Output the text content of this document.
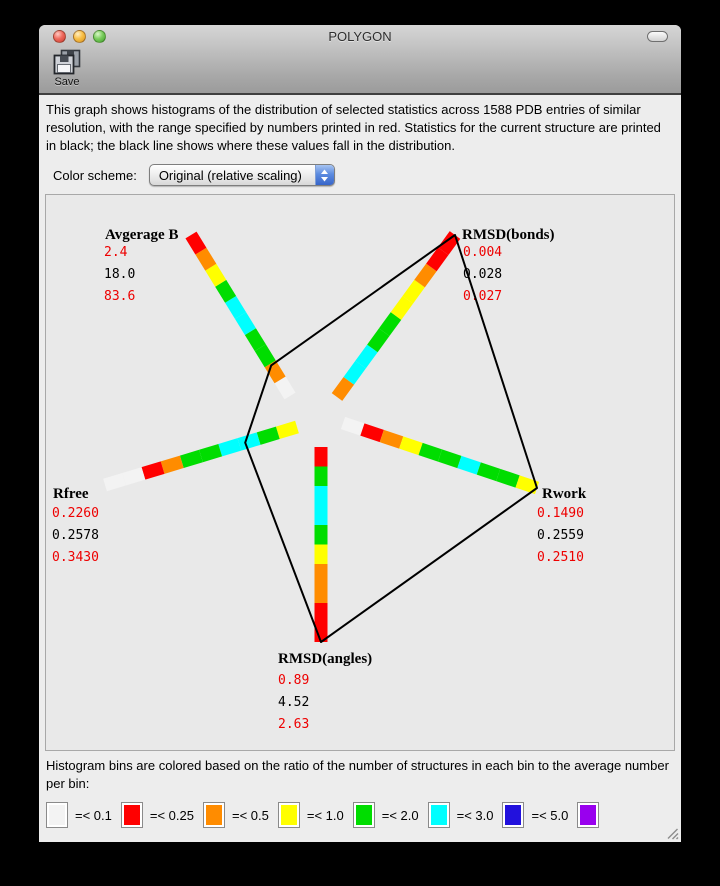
POLYGON
Save

This graph shows histograms of the distribution of selected statistics across 1588 PDB entries of similar resolution, with the range specified by numbers printed in red. Statistics for the current structure are printed in black; the black line shows where these values fall in the distribution.

Color scheme:	Original (relative scaling)
Avgerage B
2.4
18.0
83.6
RMSD(bonds)
0.004
0.028
0.027
Rwork
0.1490
0.2559
0.2510
RMSD(angles)
0.89
4.52
2.63
Rfree
0.2260
0.2578
0.3430

Histogram bins are colored based on the ratio of the number of structures in each bin to the average number per bin:

=< 0.1	=< 0.25	=< 0.5	=< 1.0	=< 2.0	=< 3.0	=< 5.0
